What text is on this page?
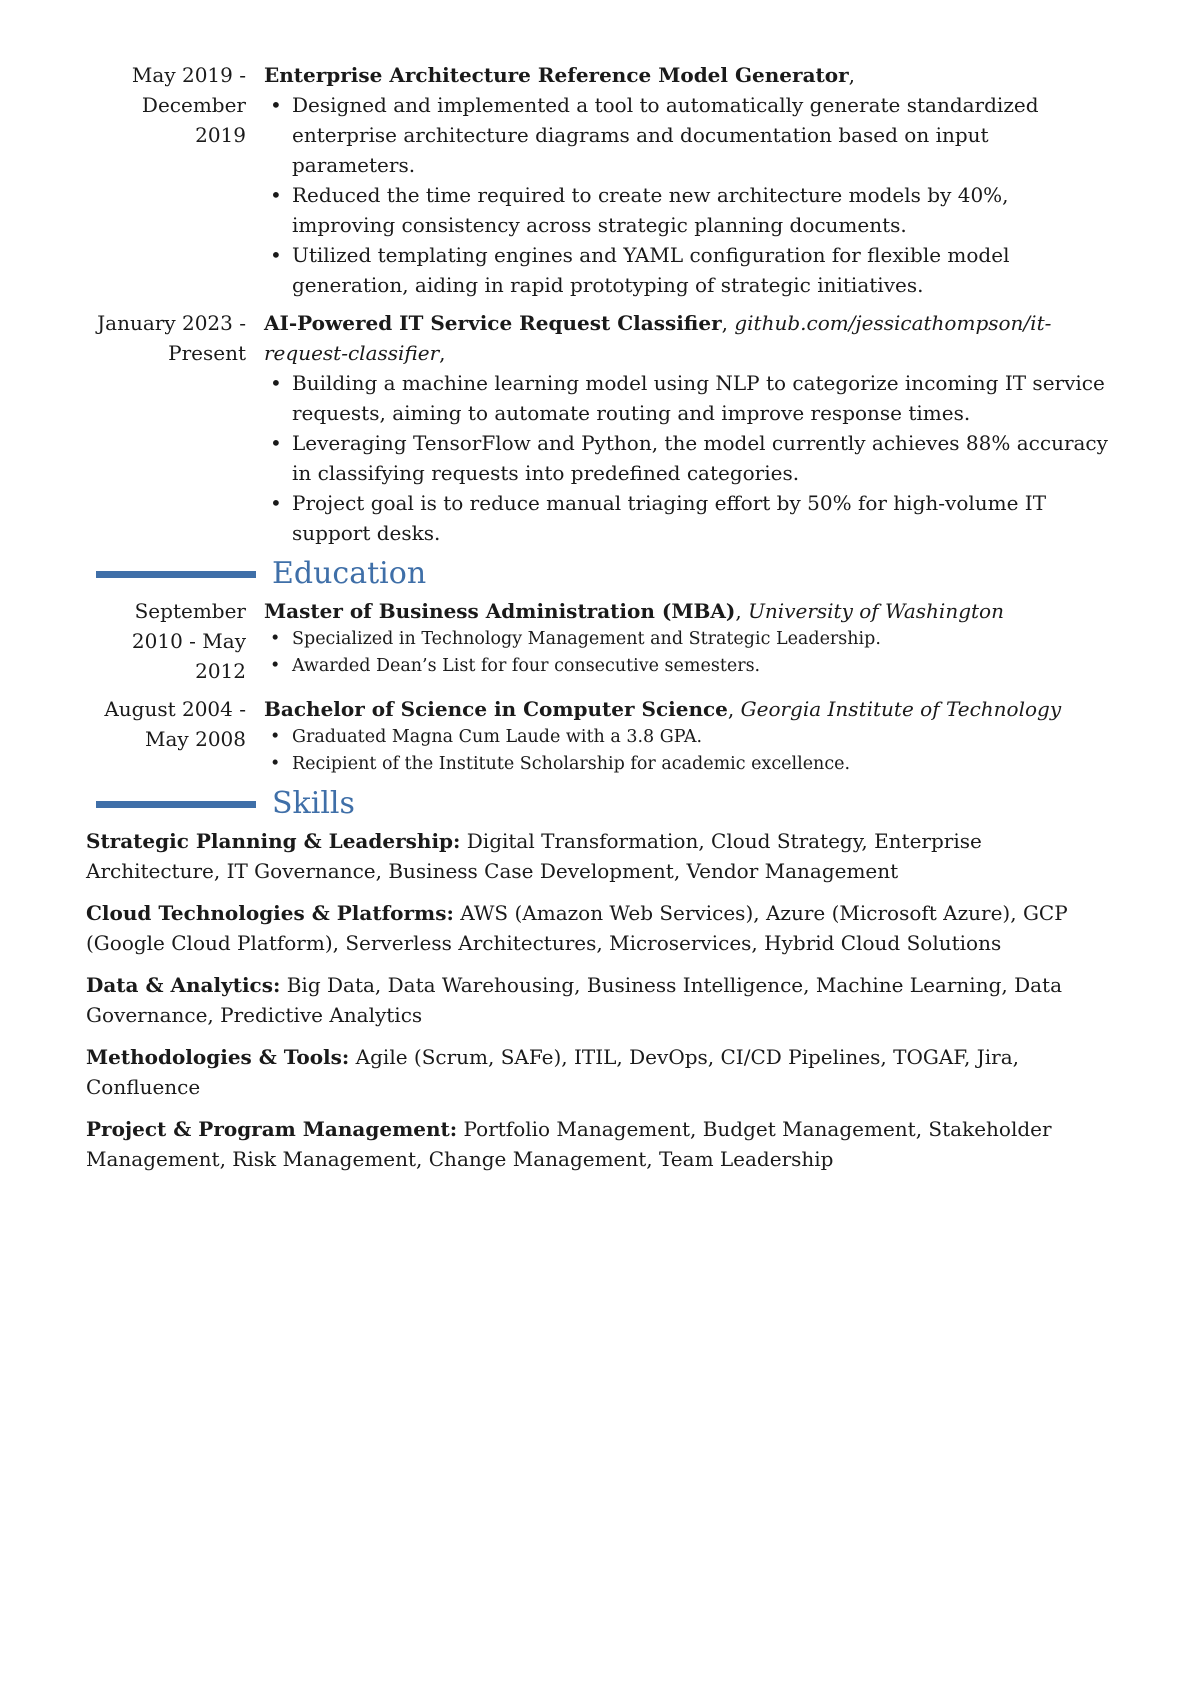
May 2019 - December 2019
Enterprise Architecture Reference Model Generator,
• Designed and implemented a tool to automatically generate standardized enterprise architecture diagrams and documentation based on input parameters.
• Reduced the time required to create new architecture models by 40%, improving consistency across strategic planning documents.
• Utilized templating engines and YAML configuration for flexible model generation, aiding in rapid prototyping of strategic initiatives.
January 2023 - Present
AI-Powered IT Service Request Classifier, github.com/jessicathompson/it-request-classifier,
• Building a machine learning model using NLP to categorize incoming IT service requests, aiming to automate routing and improve response times.
• Leveraging TensorFlow and Python, the model currently achieves 88% accuracy in classifying requests into predefined categories.
• Project goal is to reduce manual triaging effort by 50% for high-volume IT support desks.
Education
September 2010 - May 2012
Master of Business Administration (MBA), University of Washington
• Specialized in Technology Management and Strategic Leadership.
• Awarded Dean’s List for four consecutive semesters.
August 2004 - May 2008
Bachelor of Science in Computer Science, Georgia Institute of Technology
• Graduated Magna Cum Laude with a 3.8 GPA.
• Recipient of the Institute Scholarship for academic excellence.
Skills
Strategic Planning & Leadership: Digital Transformation, Cloud Strategy, Enterprise Architecture, IT Governance, Business Case Development, Vendor Management
Cloud Technologies & Platforms: AWS (Amazon Web Services), Azure (Microsoft Azure), GCP (Google Cloud Platform), Serverless Architectures, Microservices, Hybrid Cloud Solutions
Data & Analytics: Big Data, Data Warehousing, Business Intelligence, Machine Learning, Data Governance, Predictive Analytics
Methodologies & Tools: Agile (Scrum, SAFe), ITIL, DevOps, CI/CD Pipelines, TOGAF, Jira, Confluence
Project & Program Management: Portfolio Management, Budget Management, Stakeholder Management, Risk Management, Change Management, Team Leadership
